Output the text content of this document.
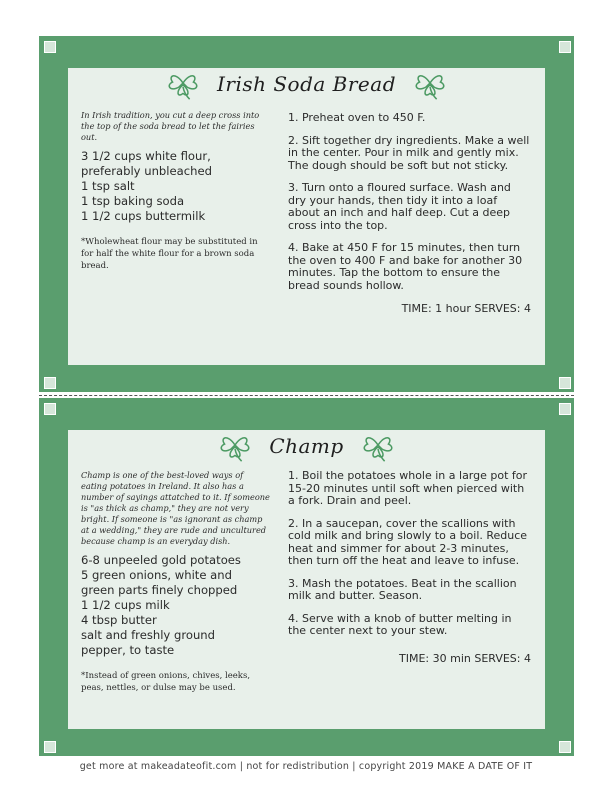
Irish Soda Bread
In Irish tradition, you cut a deep cross into the top of the soda bread to let the fairies out.
3 1/2 cups white flour,
preferably unbleached
1 tsp salt
1 tsp baking soda
1 1/2 cups buttermilk
*Wholewheat flour may be substituted in for half the white flour for a brown soda bread.
1. Preheat oven to 450 F.
2. Sift together dry ingredients. Make a well in the center. Pour in milk and gently mix. The dough should be soft but not sticky.
3. Turn onto a floured surface. Wash and dry your hands, then tidy it into a loaf about an inch and half deep. Cut a deep cross into the top.
4. Bake at 450 F for 15 minutes, then turn the oven to 400 F and bake for another 30 minutes. Tap the bottom to ensure the bread sounds hollow.
TIME: 1 hour SERVES: 4
Champ
Champ is one of the best-loved ways of eating potatoes in Ireland. It also has a number of sayings attatched to it. If someone is "as thick as champ," they are not very bright. If someone is "as ignorant as champ at a wedding," they are rude and uncultured because champ is an everyday dish.
6-8 unpeeled gold potatoes
5 green onions, white and
green parts finely chopped
1 1/2 cups milk
4 tbsp butter
salt and freshly ground
pepper, to taste
*Instead of green onions, chives, leeks, peas, nettles, or dulse may be used.
1. Boil the potatoes whole in a large pot for 15-20 minutes until soft when pierced with a fork. Drain and peel.
2. In a saucepan, cover the scallions with cold milk and bring slowly to a boil. Reduce heat and simmer for about 2-3 minutes, then turn off the heat and leave to infuse.
3. Mash the potatoes. Beat in the scallion milk and butter. Season.
4. Serve with a knob of butter melting in the center next to your stew.
TIME: 30 min SERVES: 4
get more at makeadateofit.com | not for redistribution | copyright 2019 MAKE A DATE OF IT
